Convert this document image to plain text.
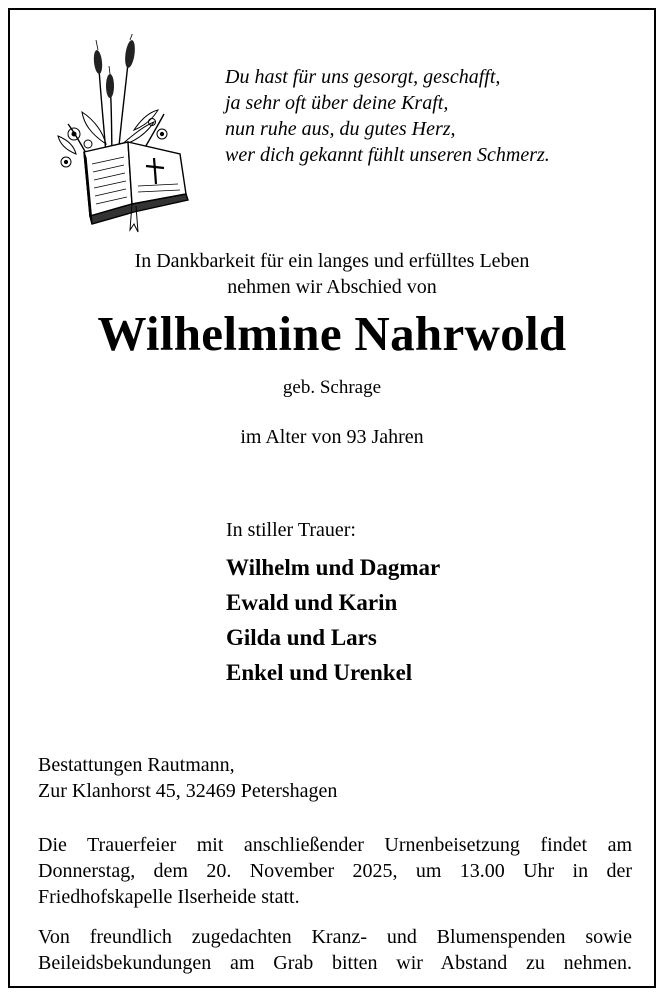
Du hast für uns gesorgt, geschafft,
ja sehr oft über deine Kraft,
nun ruhe aus, du gutes Herz,
wer dich gekannt fühlt unseren Schmerz.
In Dankbarkeit für ein langes und erfülltes Leben
nehmen wir Abschied von
Wilhelmine Nahrwold
geb. Schrage
im Alter von 93 Jahren
In stiller Trauer:
Wilhelm und Dagmar
Ewald und Karin
Gilda und Lars
Enkel und Urenkel
Bestattungen Rautmann,
Zur Klanhorst 45, 32469 Petershagen
Die Trauerfeier mit anschließender Urnenbeisetzung findet am
Donnerstag, dem 20. November 2025, um 13.00 Uhr in der
Friedhofskapelle Ilserheide statt.
Von freundlich zugedachten Kranz- und Blumenspenden sowie
Beileidsbekundungen am Grab bitten wir Abstand zu nehmen.
